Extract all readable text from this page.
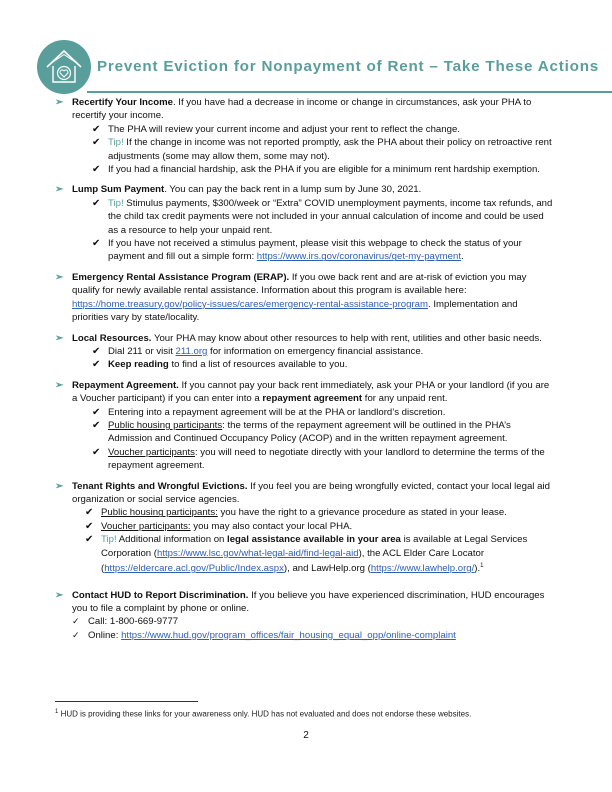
Prevent Eviction for Nonpayment of Rent – Take These Actions
➢ Recertify Your Income. If you have had a decrease in income or change in circumstances, ask your PHA to recertify your income.
✔ The PHA will review your current income and adjust your rent to reflect the change.
✔ Tip! If the change in income was not reported promptly, ask the PHA about their policy on retroactive rent adjustments (some may allow them, some may not).
✔ If you had a financial hardship, ask the PHA if you are eligible for a minimum rent hardship exemption.
➢ Lump Sum Payment. You can pay the back rent in a lump sum by June 30, 2021.
✔ Tip! Stimulus payments, $300/week or “Extra” COVID unemployment payments, income tax refunds, and the child tax credit payments were not included in your annual calculation of income and could be used as a resource to help your unpaid rent.
✔ If you have not received a stimulus payment, please visit this webpage to check the status of your payment and fill out a simple form: https://www.irs.gov/coronavirus/get-my-payment.
➢ Emergency Rental Assistance Program (ERAP). If you owe back rent and are at-risk of eviction you may qualify for newly available rental assistance. Information about this program is available here: https://home.treasury.gov/policy-issues/cares/emergency-rental-assistance-program. Implementation and priorities vary by state/locality.
➢ Local Resources. Your PHA may know about other resources to help with rent, utilities and other basic needs.
✔ Dial 211 or visit 211.org for information on emergency financial assistance.
✔ Keep reading to find a list of resources available to you.
➢ Repayment Agreement. If you cannot pay your back rent immediately, ask your PHA or your landlord (if you are a Voucher participant) if you can enter into a repayment agreement for any unpaid rent.
✔ Entering into a repayment agreement will be at the PHA or landlord’s discretion.
✔ Public housing participants: the terms of the repayment agreement will be outlined in the PHA’s Admission and Continued Occupancy Policy (ACOP) and in the written repayment agreement.
✔ Voucher participants: you will need to negotiate directly with your landlord to determine the terms of the repayment agreement.
➢ Tenant Rights and Wrongful Evictions. If you feel you are being wrongfully evicted, contact your local legal aid organization or social service agencies.
✔ Public housing participants: you have the right to a grievance procedure as stated in your lease.
✔ Voucher participants: you may also contact your local PHA.
✔ Tip! Additional information on legal assistance available in your area is available at Legal Services Corporation (https://www.lsc.gov/what-legal-aid/find-legal-aid), the ACL Elder Care Locator (https://eldercare.acl.gov/Public/Index.aspx), and LawHelp.org (https://www.lawhelp.org/).$^1$
➢ Contact HUD to Report Discrimination. If you believe you have experienced discrimination, HUD encourages you to file a complaint by phone or online.
✓ Call: 1-800-669-9777
✓ Online: https://www.hud.gov/program_offices/fair_housing_equal_opp/online-complaint
$^1$ HUD is providing these links for your awareness only. HUD has not evaluated and does not endorse these websites.
2
